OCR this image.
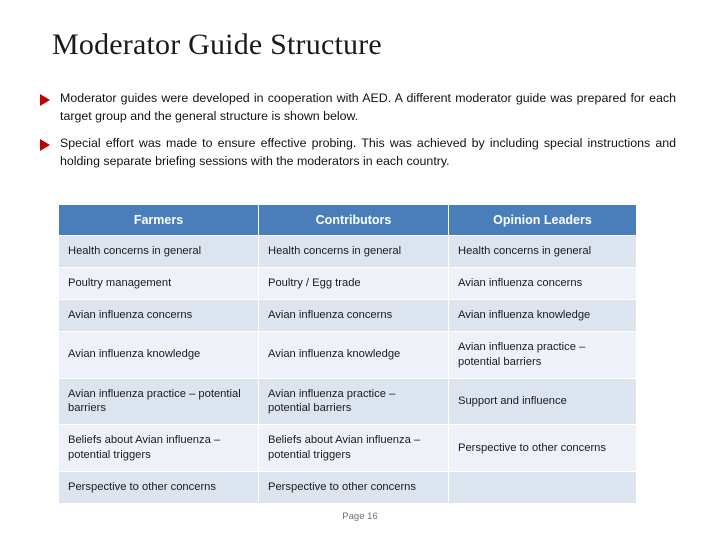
Moderator Guide Structure
Moderator guides were developed in cooperation with AED. A different moderator guide was prepared for each target group and the general structure is shown below.
Special effort was made to ensure effective probing. This was achieved by including special instructions and holding separate briefing sessions with the moderators in each country.
Farmers	Contributors	Opinion Leaders
Health concerns in general	Health concerns in general	Health concerns in general
Poultry management	Poultry / Egg trade	Avian influenza concerns
Avian influenza concerns	Avian influenza concerns	Avian influenza knowledge
Avian influenza knowledge	Avian influenza knowledge	Avian influenza practice – potential barriers
Avian influenza practice – potential barriers	Avian influenza practice – potential barriers	Support and influence
Beliefs about Avian influenza – potential triggers	Beliefs about Avian influenza – potential triggers	Perspective to other concerns
Perspective to other concerns	Perspective to other concerns	
Page 16
